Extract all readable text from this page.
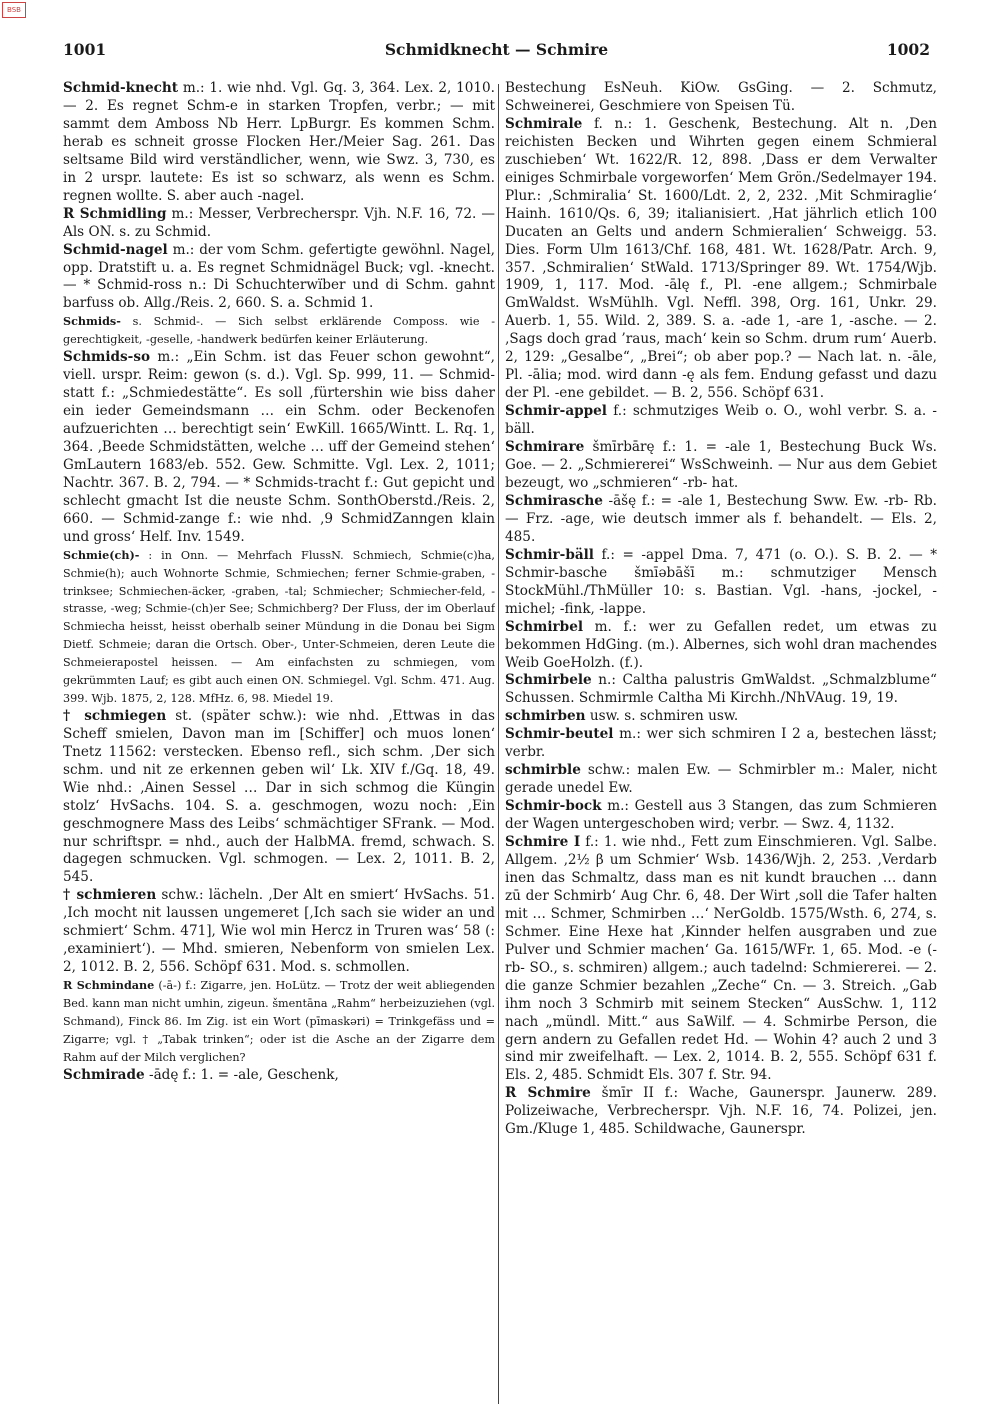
BSB
1001	Schmidknecht — Schmire	1002

Schmid-knecht m.: 1. wie nhd. Vgl. Gq. 3, 364. Lex. 2, 1010. — 2. Es regnet Schm-e in starken Tropfen, verbr.; — mit sammt dem Amboss Nb Herr. LpBurgr. Es kommen Schm. herab es schneit grosse Flocken Her./Meier Sag. 261. Das seltsame Bild wird verständlicher, wenn, wie Swz. 3, 730, es in 2 urspr. lautete: Es ist so schwarz, als wenn es Schm. regnen wollte. S. aber auch -nagel.

R Schmidling m.: Messer, Verbrecherspr. Vjh. N.F. 16, 72. — Als ON. s. zu Schmid.

Schmid-nagel m.: der vom Schm. gefertigte gewöhnl. Nagel, opp. Dratstift u. a. Es regnet Schmidnägel Buck; vgl. -knecht. — * Schmid-ross n.: Di Schuchterwïber und di Schm. gahnt barfuss ob. Allg./Reis. 2, 660. S. a. Schmid 1.

Schmids- s. Schmid-. — Sich selbst erklärende Composs. wie -gerechtigkeit, -geselle, -handwerk bedürfen keiner Erläuterung.

Schmids-so m.: „Ein Schm. ist das Feuer schon gewohnt“, viell. urspr. Reim: gewon (s. d.). Vgl. Sp. 999, 11. — Schmid-statt f.: „Schmiedestätte“. Es soll ‚fürtershin wie biss daher ein ieder Gemeindsmann … ein Schm. oder Beckenofen aufzuerichten … berechtigt sein‘ EwKill. 1665/Wintt. L. Rq. 1, 364. ‚Beede Schmidstätten, welche … uff der Gemeind stehen‘ GmLautern 1683/eb. 552. Gew. Schmitte. Vgl. Lex. 2, 1011; Nachtr. 367. B. 2, 794. — * Schmids-tracht f.: Gut gepicht und schlecht gmacht Ist die neuste Schm. SonthOberstd./Reis. 2, 660. — Schmid-zange f.: wie nhd. ‚9 SchmidZanngen klain und gross‘ Helf. Inv. 1549.

Schmie(ch)- : in Onn. — Mehrfach FlussN. Schmiech, Schmie(c)ha, Schmie(h); auch Wohnorte Schmie, Schmiechen; ferner Schmie-graben, -trinksee; Schmiechen-äcker, -graben, -tal; Schmiecher; Schmiecher-feld, -strasse, -weg; Schmie-(ch)er See; Schmichberg? Der Fluss, der im Oberlauf Schmiecha heisst, heisst oberhalb seiner Mündung in die Donau bei Sigm Dietf. Schmeie; daran die Ortsch. Ober-, Unter-Schmeien, deren Leute die Schmeierapostel heissen. — Am einfachsten zu schmiegen, vom gekrümmten Lauf; es gibt auch einen ON. Schmiegel. Vgl. Schm. 471. Aug. 399. Wjb. 1875, 2, 128. MfHz. 6, 98. Miedel 19.

† schmiegen st. (später schw.): wie nhd. ‚Ettwas in das Scheff smielen, Davon man im [Schiffer] och muos lonen‘ Tnetz 11562: verstecken. Ebenso refl., sich schm. ‚Der sich schm. und nit ze erkennen geben wil‘ Lk. XIV f./Gq. 18, 49. Wie nhd.: ‚Ainen Sessel … Dar in sich schmog die Küngin stolz‘ HvSachs. 104. S. a. geschmogen, wozu noch: ‚Ein geschmognere Mass des Leibs‘ schmächtiger SFrank. — Mod. nur schriftspr. = nhd., auch der HalbMA. fremd, schwach. S. dagegen schmucken. Vgl. schmogen. — Lex. 2, 1011. B. 2, 545.

† schmieren schw.: lächeln. ‚Der Alt en smiert‘ HvSachs. 51. ‚Ich mocht nit laussen ungemeret [‚Ich sach sie wider an und schmiert‘ Schm. 471], Wie wol min Hercz in Truren was‘ 58 (: ‚examiniert‘). — Mhd. smieren, Nebenform von smielen Lex. 2, 1012. B. 2, 556. Schöpf 631. Mod. s. schmollen.

R Schmindane (-ā-) f.: Zigarre, jen. HoLütz. — Trotz der weit abliegenden Bed. kann man nicht umhin, zigeun. šmentāna „Rahm“ herbeizuziehen (vgl. Schmand), Finck 86. Im Zig. ist ein Wort (pīmaskəri) = Trinkgefäss und = Zigarre; vgl. † „Tabak trinken“; oder ist die Asche an der Zigarre dem Rahm auf der Milch verglichen?

Schmirade -ādę f.: 1. = -ale, Geschenk,

Bestechung EsNeuh. KiOw. GsGing. — 2. Schmutz, Schweinerei, Geschmiere von Speisen Tü.

Schmirale f. n.: 1. Geschenk, Bestechung. Alt n. ‚Den reichisten Becken und Wihrten gegen einem Schmieral zuschieben‘ Wt. 1622/R. 12, 898. ‚Dass er dem Verwalter einiges Schmirbale vorgeworfen‘ Mem Grön./Sedelmayer 194. Plur.: ‚Schmiralia‘ St. 1600/Ldt. 2, 2, 232. ‚Mit Schmiraglie‘ Hainh. 1610/Qs. 6, 39; italianisiert. ‚Hat jährlich etlich 100 Ducaten an Gelts und andern Schmieralien‘ Schweigg. 53. Dies. Form Ulm 1613/Chf. 168, 481. Wt. 1628/Patr. Arch. 9, 357. ‚Schmiralien‘ StWald. 1713/Springer 89. Wt. 1754/Wjb. 1909, 1, 117. Mod. -ālę f., Pl. -ene allgem.; Schmirbale GmWaldst. WsMühlh. Vgl. Neffl. 398, Org. 161, Unkr. 29. Auerb. 1, 55. Wild. 2, 389. S. a. -ade 1, -are 1, -asche. — 2. ‚Sags doch grad ’raus, mach‘ kein so Schm. drum rum‘ Auerb. 2, 129: „Gesalbe“, „Brei“; ob aber pop.? — Nach lat. n. -āle, Pl. -ālia; mod. wird dann -ę als fem. Endung gefasst und dazu der Pl. -ene gebildet. — B. 2, 556. Schöpf 631.

Schmir-appel f.: schmutziges Weib o. O., wohl verbr. S. a. -bäll.

Schmirare šmīrbārę f.: 1. = -ale 1, Bestechung Buck Ws. Goe. — 2. „Schmiererei“ WsSchweinh. — Nur aus dem Gebiet bezeugt, wo „schmieren“ -rb- hat.

Schmirasche -āšę f.: = -ale 1, Bestechung Sww. Ew. -rb- Rb. — Frz. -age, wie deutsch immer als f. behandelt. — Els. 2, 485.

Schmir-bäll f.: = -appel Dma. 7, 471 (o. O.). S. B. 2. — * Schmir-basche šmīəbāšī m.: schmutziger Mensch StockMühl./ThMüller 10: s. Bastian. Vgl. -hans, -jockel, -michel; -fink, -lappe.

Schmirbel m. f.: wer zu Gefallen redet, um etwas zu bekommen HdGing. (m.). Albernes, sich wohl dran machendes Weib GoeHolzh. (f.).

Schmirbele n.: Caltha palustris GmWaldst. „Schmalzblume“ Schussen. Schmirmle Caltha Mi Kirchh./NhVAug. 19, 19.

schmirben usw. s. schmiren usw.

Schmir-beutel m.: wer sich schmiren I 2 a, bestechen lässt; verbr.

schmirble schw.: malen Ew. — Schmirbler m.: Maler, nicht gerade unedel Ew.

Schmir-bock m.: Gestell aus 3 Stangen, das zum Schmieren der Wagen untergeschoben wird; verbr. — Swz. 4, 1132.

Schmire I f.: 1. wie nhd., Fett zum Einschmieren. Vgl. Salbe. Allgem. ‚2½ β um Schmier‘ Wsb. 1436/Wjh. 2, 253. ‚Verdarb inen das Schmaltz, dass man es nit kundt brauchen … dann zū der Schmirb‘ Aug Chr. 6, 48. Der Wirt ‚soll die Tafer halten mit … Schmer, Schmirben …‘ NerGoldb. 1575/Wsth. 6, 274, s. Schmer. Eine Hexe hat ‚Kinnder helfen ausgraben und zue Pulver und Schmier machen‘ Ga. 1615/WFr. 1, 65. Mod. -e (-rb- SO., s. schmiren) allgem.; auch tadelnd: Schmiererei. — 2. die ganze Schmier bezahlen „Zeche“ Cn. — 3. Streich. „Gab ihm noch 3 Schmirb mit seinem Stecken“ AusSchw. 1, 112 nach „mündl. Mitt.“ aus SaWilf. — 4. Schmirbe Person, die gern andern zu Gefallen redet Hd. — Wohin 4? auch 2 und 3 sind mir zweifelhaft. — Lex. 2, 1014. B. 2, 555. Schöpf 631 f. Els. 2, 485. Schmidt Els. 307 f. Str. 94.

R Schmire šmīr II f.: Wache, Gaunerspr. Jaunerw. 289. Polizeiwache, Verbrecherspr. Vjh. N.F. 16, 74. Polizei, jen. Gm./Kluge 1, 485. Schildwache, Gaunerspr.
